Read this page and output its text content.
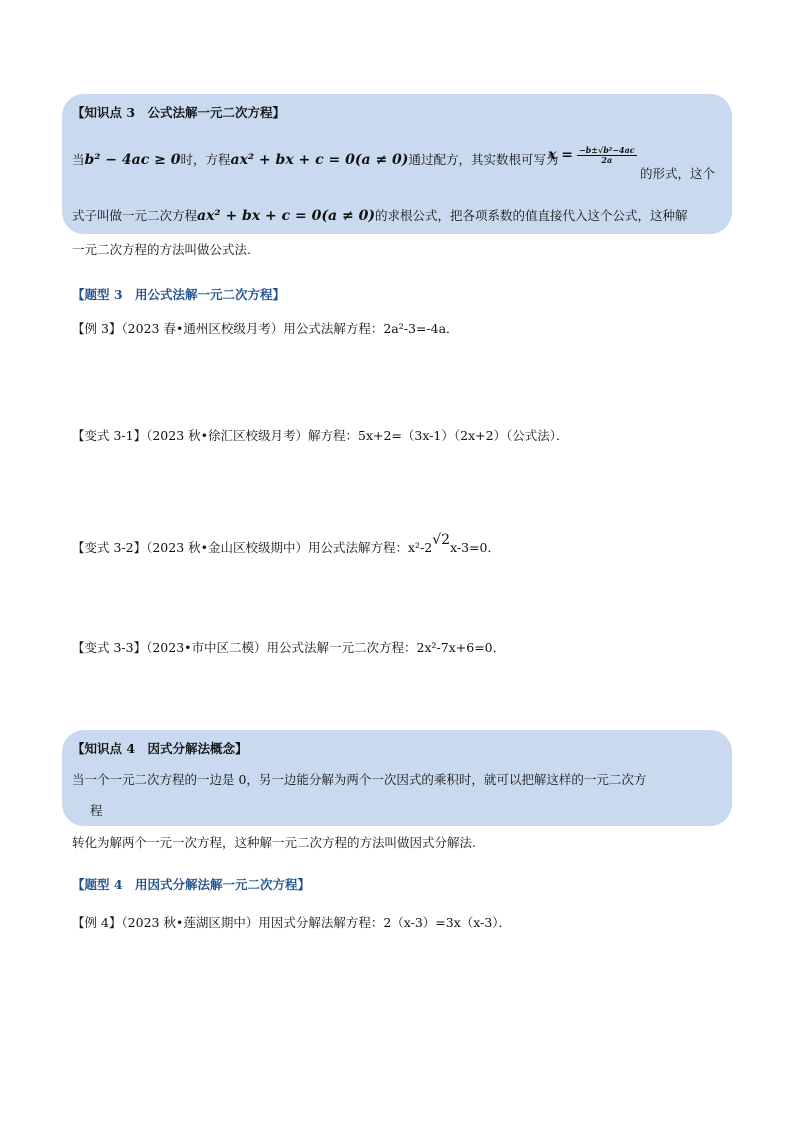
【知识点 3　公式法解一元二次方程】
当b² − 4ac ≥ 0时，方程ax² + bx + c = 0(a ≠ 0)通过配方，其实数根可写为
$x = \frac{\text{−b±√b²−4ac}}{2a}$
的形式，这个
式子叫做一元二次方程ax² + bx + c = 0(a ≠ 0)的求根公式，把各项系数的值直接代入这个公式，这种解
一元二次方程的方法叫做公式法.
【题型 3　用公式法解一元二次方程】
【例 3】（2023 春•通州区校级月考）用公式法解方程：2a²-3=-4a．
【变式 3-1】（2023 秋•徐汇区校级月考）解方程：5x+2=（3x-1）（2x+2）（公式法）．
【变式 3-2】（2023 秋•金山区校级期中）用公式法解方程：x²-2√2x-3=0．
【变式 3-3】（2023•市中区二模）用公式法解一元二次方程：2x²-7x+6=0．
【知识点 4　因式分解法概念】
当一个一元二次方程的一边是 0，另一边能分解为两个一次因式的乘积时，就可以把解这样的一元二次方
程
转化为解两个一元一次方程，这种解一元二次方程的方法叫做因式分解法.
【题型 4　用因式分解法解一元二次方程】
【例 4】（2023 秋•莲湖区期中）用因式分解法解方程：2（x-3）=3x（x-3）．
